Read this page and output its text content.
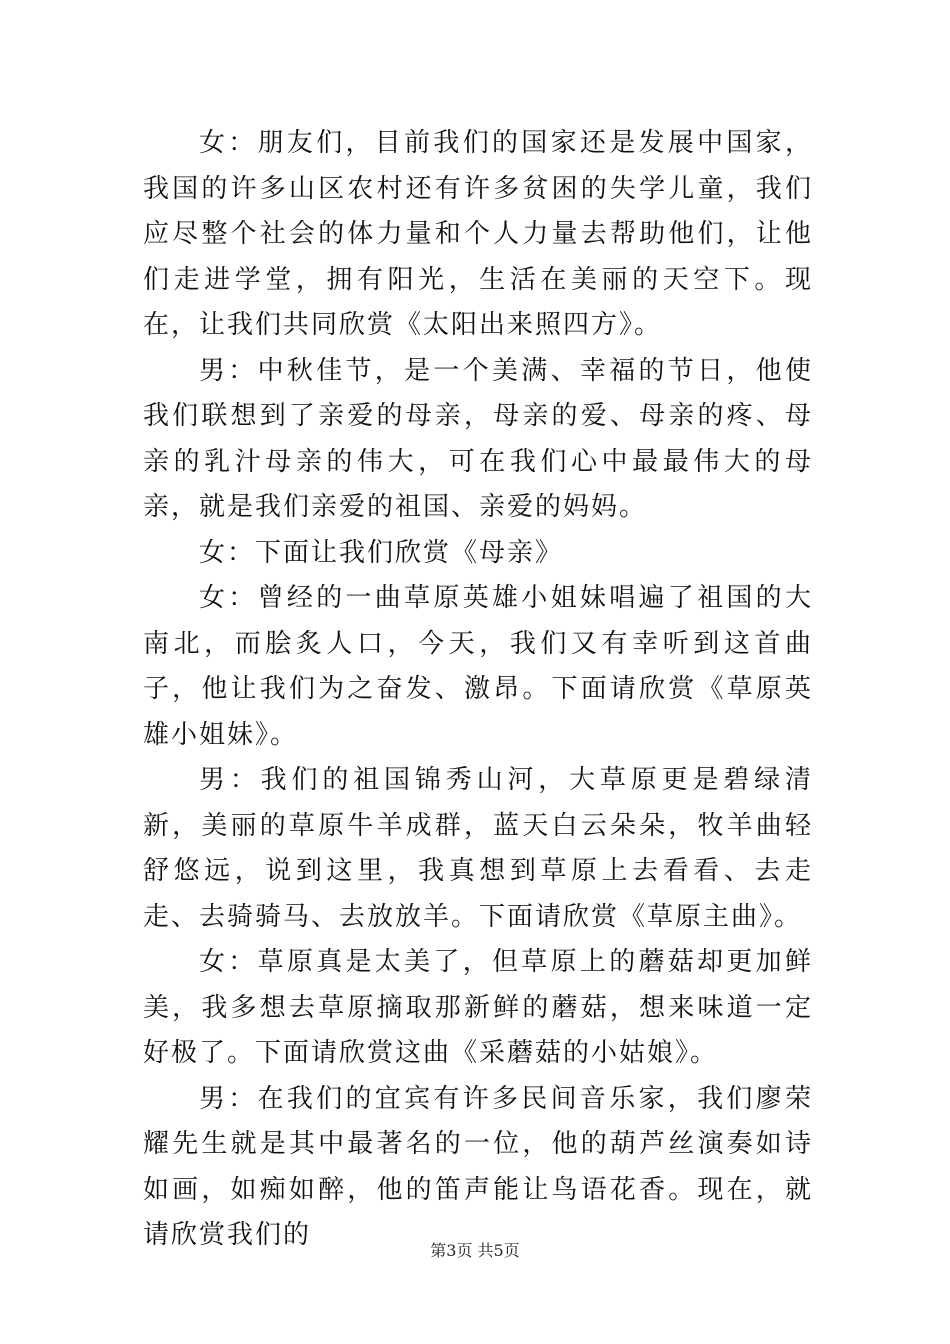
女：朋友们，目前我们的国家还是发展中国家，我国的许多山区农村还有许多贫困的失学儿童，我们应尽整个社会的体力量和个人力量去帮助他们，让他们走进学堂，拥有阳光，生活在美丽的天空下。现在，让我们共同欣赏《太阳出来照四方》。

男：中秋佳节，是一个美满、幸福的节日，他使我们联想到了亲爱的母亲，母亲的爱、母亲的疼、母亲的乳汁母亲的伟大，可在我们心中最最伟大的母亲，就是我们亲爱的祖国、亲爱的妈妈。

女：下面让我们欣赏《母亲》

女：曾经的一曲草原英雄小姐妹唱遍了祖国的大南北，而脍炙人口，今天，我们又有幸听到这首曲子，他让我们为之奋发、激昂。下面请欣赏《草原英雄小姐妹》。

男：我们的祖国锦秀山河，大草原更是碧绿清新，美丽的草原牛羊成群，蓝天白云朵朵，牧羊曲轻舒悠远，说到这里，我真想到草原上去看看、去走走、去骑骑马、去放放羊。下面请欣赏《草原主曲》。

女：草原真是太美了，但草原上的蘑菇却更加鲜美，我多想去草原摘取那新鲜的蘑菇，想来味道一定好极了。下面请欣赏这曲《采蘑菇的小姑娘》。

男：在我们的宜宾有许多民间音乐家，我们廖荣耀先生就是其中最著名的一位，他的葫芦丝演奏如诗如画，如痴如醉，他的笛声能让鸟语花香。现在，就请欣赏我们的

第3页 共5页
